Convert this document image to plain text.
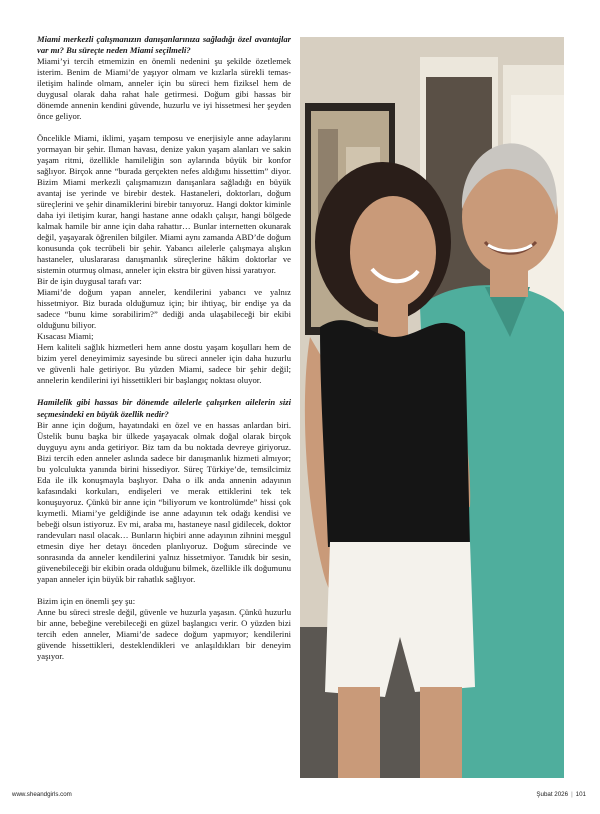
Miami merkezli çalışmanızın danışanlarınıza sağladığı özel avantajlar var mı? Bu süreçte neden Miami seçilmeli?

Miami’yi tercih etmemizin en önemli nedenini şu şekilde özetlemek isterim. Benim de Miami’de yaşıyor olmam ve kızlarla sürekli temas-iletişim halinde olmam, anneler için bu süreci hem fiziksel hem de duygusal olarak daha rahat hale getirmesi. Doğum gibi hassas bir dönemde annenin kendini güvende, huzurlu ve iyi hissetmesi her şeyden önce geliyor.

Öncelikle Miami, iklimi, yaşam temposu ve enerjisiyle anne adaylarını yormayan bir şehir. Ilıman havası, denize yakın yaşam alanları ve sakin yaşam ritmi, özellikle hamileliğin son aylarında büyük bir konfor sağlıyor. Birçok anne “burada gerçekten nefes aldığımı hissettim” diyor. Bizim Miami merkezli çalışmamızın danışanlara sağladığı en büyük avantaj ise yerinde ve birebir destek. Hastaneleri, doktorları, doğum süreçlerini ve şehir dinamiklerini birebir tanıyoruz. Hangi doktor kiminle daha iyi iletişim kurar, hangi hastane anne odaklı çalışır, hangi bölgede kalmak hamile bir anne için daha rahattır… Bunlar internetten okunarak değil, yaşayarak öğrenilen bilgiler. Miami aynı zamanda ABD’de doğum konusunda çok tecrübeli bir şehir. Yabancı ailelerle çalışmaya alışkın hastaneler, uluslararası danışmanlık süreçlerine hâkim doktorlar ve sistemin oturmuş olması, anneler için ekstra bir güven hissi yaratıyor.

Bir de işin duygusal tarafı var:

Miami’de doğum yapan anneler, kendilerini yabancı ve yalnız hissetmiyor. Biz burada olduğumuz için; bir ihtiyaç, bir endişe ya da sadece “bunu kime sorabilirim?” dediği anda ulaşabileceği bir ekibi olduğunu biliyor.

Kısacası Miami;

Hem kaliteli sağlık hizmetleri hem anne dostu yaşam koşulları hem de bizim yerel deneyimimiz sayesinde bu süreci anneler için daha huzurlu ve güvenli hale getiriyor. Bu yüzden Miami, sadece bir şehir değil; annelerin kendilerini iyi hissettikleri bir başlangıç noktası oluyor.

Hamilelik gibi hassas bir dönemde ailelerle çalışırken ailelerin sizi seçmesindeki en büyük özellik nedir?

Bir anne için doğum, hayatındaki en özel ve en hassas anlardan biri. Üstelik bunu başka bir ülkede yaşayacak olmak doğal olarak birçok duyguyu aynı anda getiriyor. Biz tam da bu noktada devreye giriyoruz. Bizi tercih eden anneler aslında sadece bir danışmanlık hizmeti almıyor; bu yolculukta yanında birini hissediyor. Süreç Türkiye’de, temsilcimiz Eda ile ilk konuşmayla başlıyor. Daha o ilk anda annenin adayının kafasındaki korkuları, endişeleri ve merak ettiklerini tek tek konuşuyoruz. Çünkü bir anne için “biliyorum ve kontrolümde” hissi çok kıymetli. Miami’ye geldiğinde ise anne adayının tek odağı kendisi ve bebeği olsun istiyoruz. Ev mi, araba mı, hastaneye nasıl gidilecek, doktor randevuları nasıl olacak… Bunların hiçbiri anne adayının zihnini meşgul etmesin diye her detayı önceden planlıyoruz. Doğum sürecinde ve sonrasında da anneler kendilerini yalnız hissetmiyor. Tanıdık bir sesin, güvenebileceği bir ekibin orada olduğunu bilmek, özellikle ilk doğumunu yapan anneler için büyük bir rahatlık sağlıyor.

Bizim için en önemli şey şu:

Anne bu süreci stresle değil, güvenle ve huzurla yaşasın. Çünkü huzurlu bir anne, bebeğine verebileceği en güzel başlangıcı verir. O yüzden bizi tercih eden anneler, Miami’de sadece doğum yapmıyor; kendilerini güvende hissettikleri, desteklendikleri ve anlaşıldıkları bir deneyim yaşıyor.

www.sheandgirls.com	Şubat 2026 | 101
